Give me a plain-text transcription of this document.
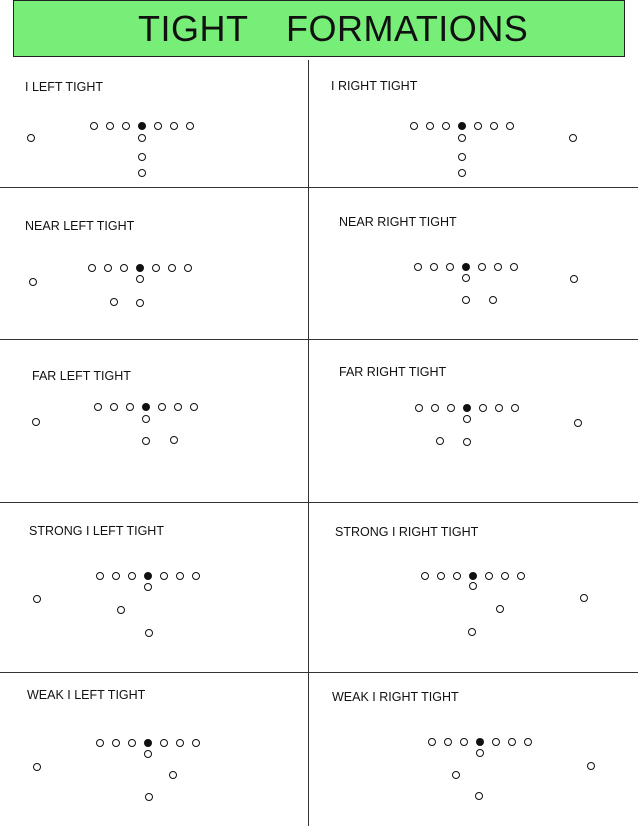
TIGHT FORMATIONS
I LEFT TIGHT	I RIGHT TIGHT
NEAR LEFT TIGHT	NEAR RIGHT TIGHT
FAR LEFT TIGHT	FAR RIGHT TIGHT
STRONG I LEFT TIGHT	STRONG I RIGHT TIGHT
WEAK I LEFT TIGHT	WEAK I RIGHT TIGHT
